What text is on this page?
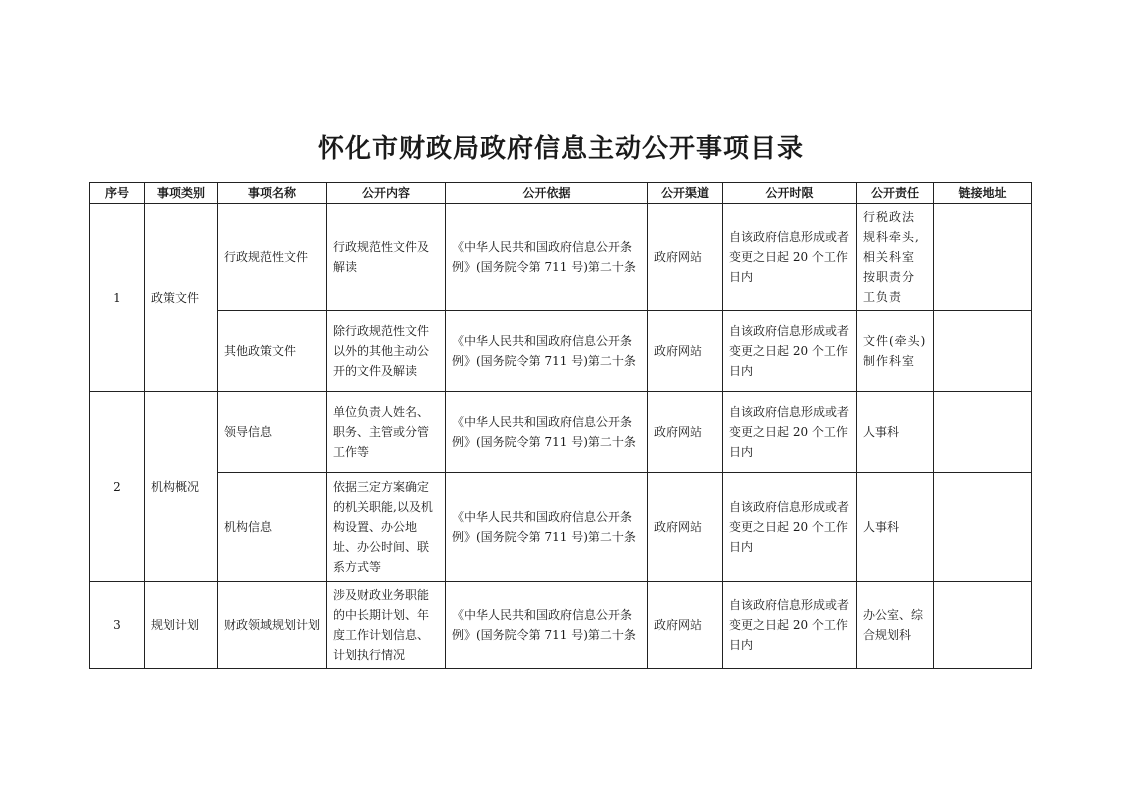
怀化市财政局政府信息主动公开事项目录
序号	事项类别	事项名称	公开内容	公开依据	公开渠道	公开时限	公开责任	链接地址
1	政策文件	行政规范性文件	行政规范性文件及解读	《中华人民共和国政府信息公开条例》(国务院令第 711 号)第二十条	政府网站	自该政府信息形成或者变更之日起 20 个工作日内	行税政法规科牵头,相关科室按职责分工负责	
		其他政策文件	除行政规范性文件以外的其他主动公开的文件及解读	《中华人民共和国政府信息公开条例》(国务院令第 711 号)第二十条	政府网站	自该政府信息形成或者变更之日起 20 个工作日内	文件(牵头)制作科室	
2	机构概况	领导信息	单位负责人姓名、职务、主管或分管工作等	《中华人民共和国政府信息公开条例》(国务院令第 711 号)第二十条	政府网站	自该政府信息形成或者变更之日起 20 个工作日内	人事科	
		机构信息	依据三定方案确定的机关职能,以及机构设置、办公地址、办公时间、联系方式等	《中华人民共和国政府信息公开条例》(国务院令第 711 号)第二十条	政府网站	自该政府信息形成或者变更之日起 20 个工作日内	人事科	
3	规划计划	财政领域规划计划	涉及财政业务职能的中长期计划、年度工作计划信息、计划执行情况	《中华人民共和国政府信息公开条例》(国务院令第 711 号)第二十条	政府网站	自该政府信息形成或者变更之日起 20 个工作日内	办公室、综合规划科	
